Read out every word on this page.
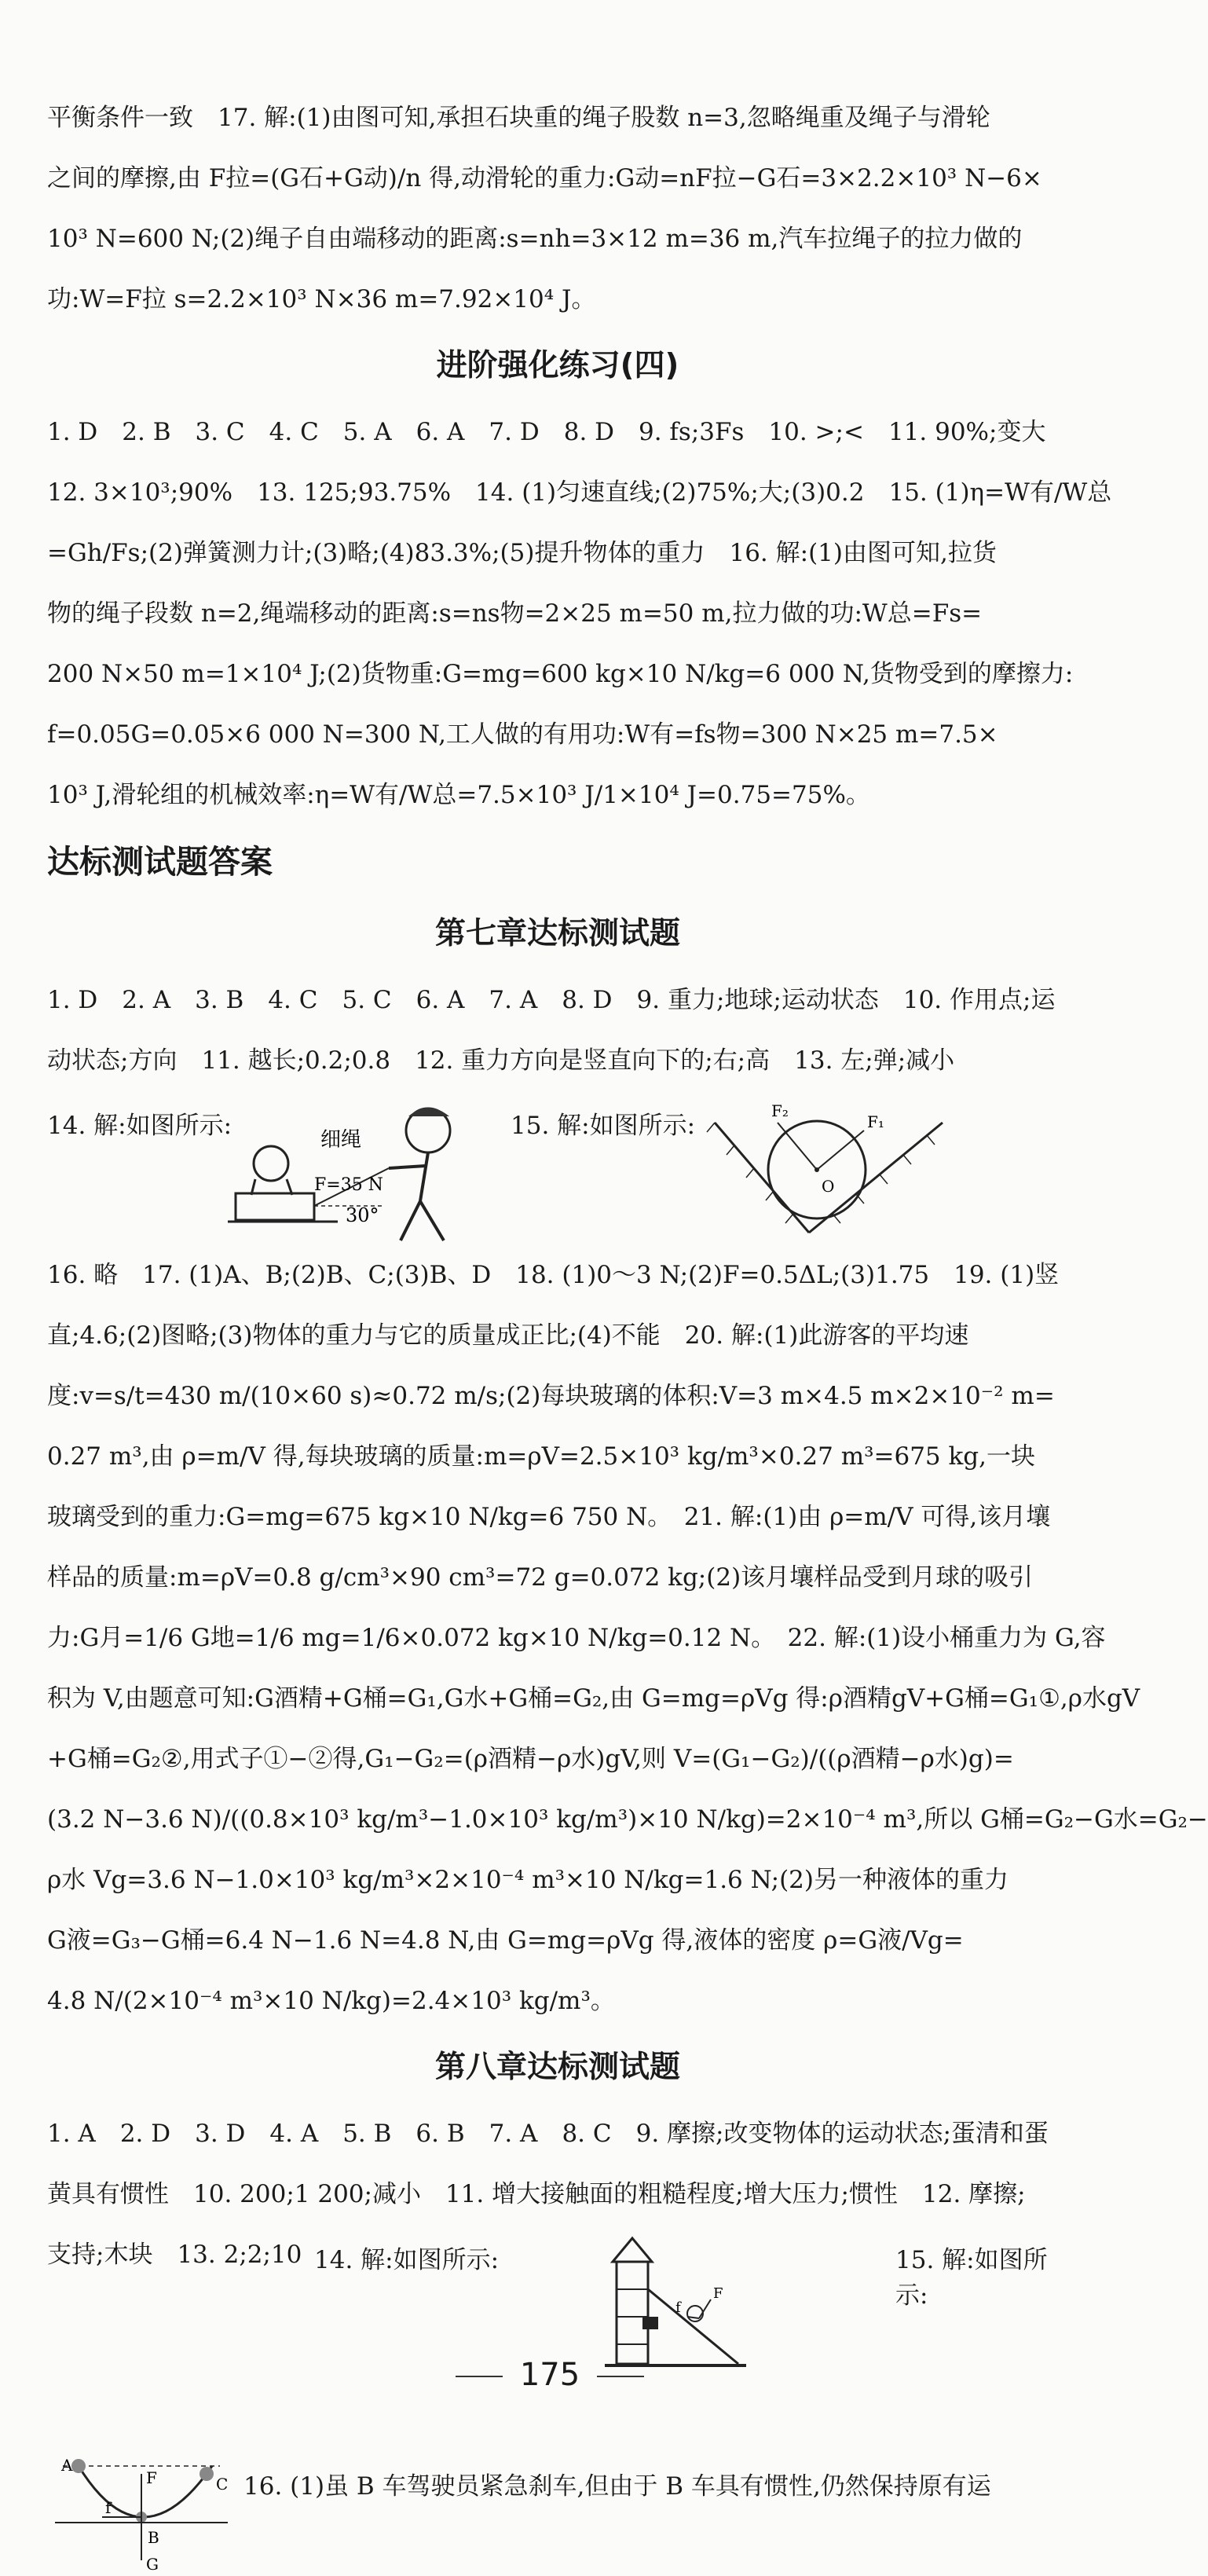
平衡条件一致　17. 解:(1)由图可知,承担石块重的绳子股数 n=3,忽略绳重及绳子与滑轮
之间的摩擦,由 F拉=(G石+G动)/n 得,动滑轮的重力:G动=nF拉−G石=3×2.2×10³ N−6×
10³ N=600 N;(2)绳子自由端移动的距离:s=nh=3×12 m=36 m,汽车拉绳子的拉力做的
功:W=F拉 s=2.2×10³ N×36 m=7.92×10⁴ J。
进阶强化练习(四)
1. D　2. B　3. C　4. C　5. A　6. A　7. D　8. D　9. fs;3Fs　10. >;<　11. 90%;变大
12. 3×10³;90%　13. 125;93.75%　14. (1)匀速直线;(2)75%;大;(3)0.2　15. (1)η=W有/W总
=Gh/Fs;(2)弹簧测力计;(3)略;(4)83.3%;(5)提升物体的重力　16. 解:(1)由图可知,拉货
物的绳子段数 n=2,绳端移动的距离:s=ns物=2×25 m=50 m,拉力做的功:W总=Fs=
200 N×50 m=1×10⁴ J;(2)货物重:G=mg=600 kg×10 N/kg=6 000 N,货物受到的摩擦力:
f=0.05G=0.05×6 000 N=300 N,工人做的有用功:W有=fs物=300 N×25 m=7.5×
10³ J,滑轮组的机械效率:η=W有/W总=7.5×10³ J/1×10⁴ J=0.75=75%。
达标测试题答案
第七章达标测试题
1. D　2. A　3. B　4. C　5. C　6. A　7. A　8. D　9. 重力;地球;运动状态　10. 作用点;运
动状态;方向　11. 越长;0.2;0.8　12. 重力方向是竖直向下的;右;高　13. 左;弹;减小
14. 解:如图所示:	细绳
F=35 N
30°
15. 解:如图所示:
F₂
F₁
O
16. 略　17. (1)A、B;(2)B、C;(3)B、D　18. (1)0～3 N;(2)F=0.5ΔL;(3)1.75　19. (1)竖
直;4.6;(2)图略;(3)物体的重力与它的质量成正比;(4)不能　20. 解:(1)此游客的平均速
度:v=s/t=430 m/(10×60 s)≈0.72 m/s;(2)每块玻璃的体积:V=3 m×4.5 m×2×10⁻² m=
0.27 m³,由 ρ=m/V 得,每块玻璃的质量:m=ρV=2.5×10³ kg/m³×0.27 m³=675 kg,一块
玻璃受到的重力:G=mg=675 kg×10 N/kg=6 750 N。　21. 解:(1)由 ρ=m/V 可得,该月壤
样品的质量:m=ρV=0.8 g/cm³×90 cm³=72 g=0.072 kg;(2)该月壤样品受到月球的吸引
力:G月=1/6 G地=1/6 mg=1/6×0.072 kg×10 N/kg=0.12 N。　22. 解:(1)设小桶重力为 G,容
积为 V,由题意可知:G酒精+G桶=G₁,G水+G桶=G₂,由 G=mg=ρVg 得:ρ酒精gV+G桶=G₁①,ρ水gV
+G桶=G₂②,用式子①−②得,G₁−G₂=(ρ酒精−ρ水)gV,则 V=(G₁−G₂)/((ρ酒精−ρ水)g)=
(3.2 N−3.6 N)/((0.8×10³ kg/m³−1.0×10³ kg/m³)×10 N/kg)=2×10⁻⁴ m³,所以 G桶=G₂−G水=G₂−
ρ水 Vg=3.6 N−1.0×10³ kg/m³×2×10⁻⁴ m³×10 N/kg=1.6 N;(2)另一种液体的重力
G液=G₃−G桶=6.4 N−1.6 N=4.8 N,由 G=mg=ρVg 得,液体的密度 ρ=G液/Vg=
4.8 N/(2×10⁻⁴ m³×10 N/kg)=2.4×10³ kg/m³。
第八章达标测试题
1. A　2. D　3. D　4. A　5. B　6. B　7. A　8. C　9. 摩擦;改变物体的运动状态;蛋清和蛋
黄具有惯性　10. 200;1 200;减小　11. 增大接触面的粗糙程度;增大压力;惯性　12. 摩擦;
支持;木块　13. 2;2;10 14. 解:如图所示:
f
F
15. 解:如图所示:
A
B
C
f
F
G
16. (1)虽 B 车驾驶员紧急刹车,但由于 B 车具有惯性,仍然保持原有运
175
